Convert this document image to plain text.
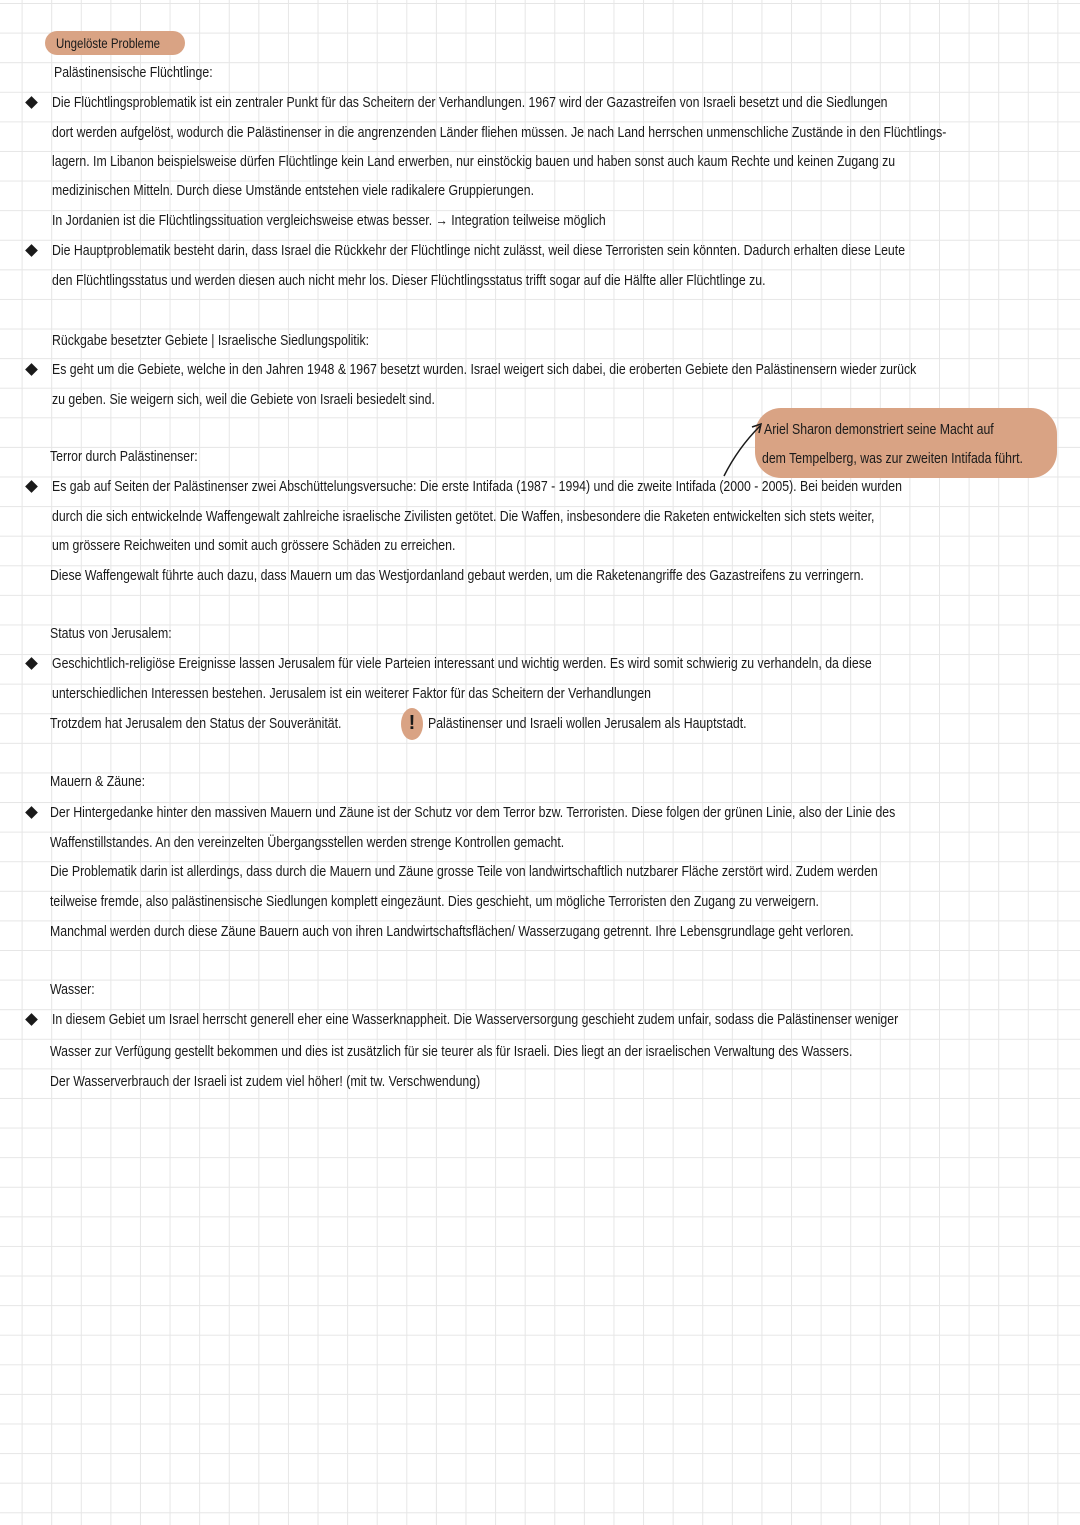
Ungelöste Probleme
Palästinensische Flüchtlinge:
Die Flüchtlingsproblematik ist ein zentraler Punkt für das Scheitern der Verhandlungen. 1967 wird der Gazastreifen von Israeli besetzt und die Siedlungen
dort werden aufgelöst, wodurch die Palästinenser in die angrenzenden Länder fliehen müssen. Je nach Land herrschen unmenschliche Zustände in den Flüchtlings-
lagern. Im Libanon beispielsweise dürfen Flüchtlinge kein Land erwerben, nur einstöckig bauen und haben sonst auch kaum Rechte und keinen Zugang zu
medizinischen Mitteln. Durch diese Umstände entstehen viele radikalere Gruppierungen.
In Jordanien ist die Flüchtlingssituation vergleichsweise etwas besser. → Integration teilweise möglich
Die Hauptproblematik besteht darin, dass Israel die Rückkehr der Flüchtlinge nicht zulässt, weil diese Terroristen sein könnten. Dadurch erhalten diese Leute
den Flüchtlingsstatus und werden diesen auch nicht mehr los. Dieser Flüchtlingsstatus trifft sogar auf die Hälfte aller Flüchtlinge zu.
Rückgabe besetzter Gebiete | Israelische Siedlungspolitik:
Es geht um die Gebiete, welche in den Jahren 1948 & 1967 besetzt wurden. Israel weigert sich dabei, die eroberten Gebiete den Palästinensern wieder zurück
zu geben. Sie weigern sich, weil die Gebiete von Israeli besiedelt sind.
Ariel Sharon demonstriert seine Macht auf
dem Tempelberg, was zur zweiten Intifada führt.
Terror durch Palästinenser:
Es gab auf Seiten der Palästinenser zwei Abschüttelungsversuche: Die erste Intifada (1987 - 1994) und die zweite Intifada (2000 - 2005). Bei beiden wurden
durch die sich entwickelnde Waffengewalt zahlreiche israelische Zivilisten getötet. Die Waffen, insbesondere die Raketen entwickelten sich stets weiter,
um grössere Reichweiten und somit auch grössere Schäden zu erreichen.
Diese Waffengewalt führte auch dazu, dass Mauern um das Westjordanland gebaut werden, um die Raketenangriffe des Gazastreifens zu verringern.
Status von Jerusalem:
Geschichtlich-religiöse Ereignisse lassen Jerusalem für viele Parteien interessant und wichtig werden. Es wird somit schwierig zu verhandeln, da diese
unterschiedlichen Interessen bestehen. Jerusalem ist ein weiterer Faktor für das Scheitern der Verhandlungen
Trotzdem hat Jerusalem den Status der Souveränität.	! Palästinenser und Israeli wollen Jerusalem als Hauptstadt.
Mauern & Zäune:
Der Hintergedanke hinter den massiven Mauern und Zäune ist der Schutz vor dem Terror bzw. Terroristen. Diese folgen der grünen Linie, also der Linie des
Waffenstillstandes. An den vereinzelten Übergangsstellen werden strenge Kontrollen gemacht.
Die Problematik darin ist allerdings, dass durch die Mauern und Zäune grosse Teile von landwirtschaftlich nutzbarer Fläche zerstört wird. Zudem werden
teilweise fremde, also palästinensische Siedlungen komplett eingezäunt. Dies geschieht, um mögliche Terroristen den Zugang zu verweigern.
Manchmal werden durch diese Zäune Bauern auch von ihren Landwirtschaftsflächen/ Wasserzugang getrennt. Ihre Lebensgrundlage geht verloren.
Wasser:
In diesem Gebiet um Israel herrscht generell eher eine Wasserknappheit. Die Wasserversorgung geschieht zudem unfair, sodass die Palästinenser weniger
Wasser zur Verfügung gestellt bekommen und dies ist zusätzlich für sie teurer als für Israeli. Dies liegt an der israelischen Verwaltung des Wassers.
Der Wasserverbrauch der Israeli ist zudem viel höher! (mit tw. Verschwendung)
